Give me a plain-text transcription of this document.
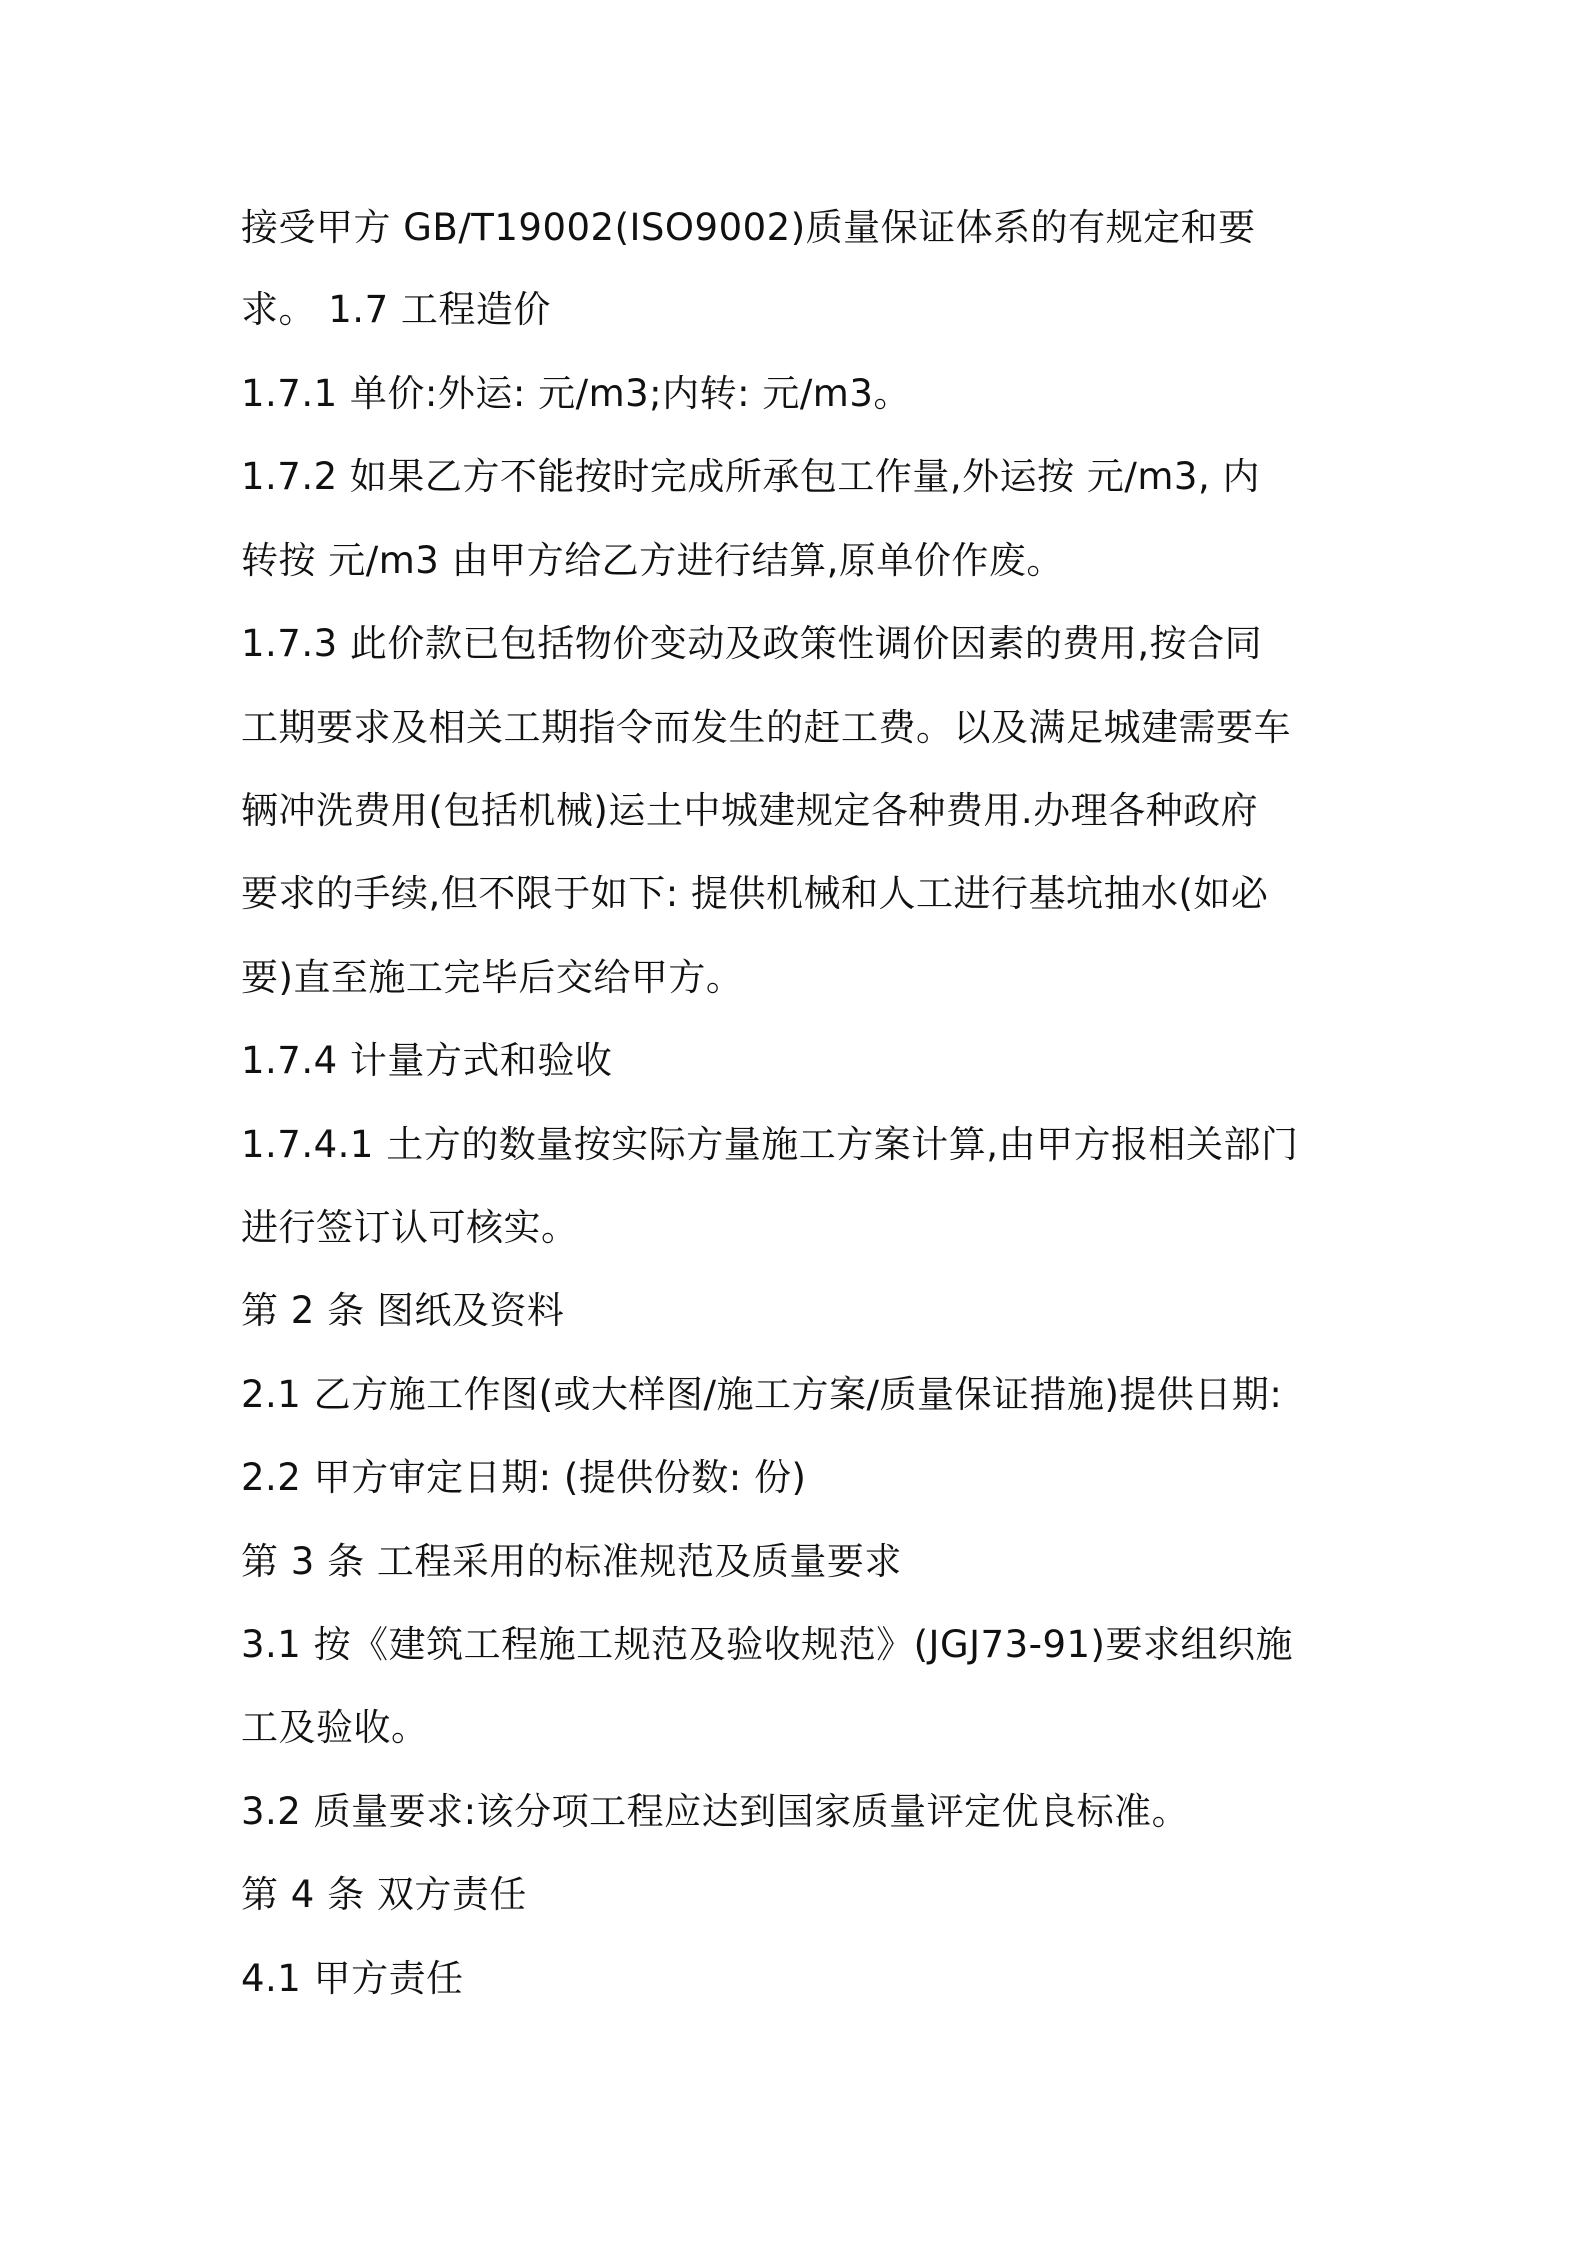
接受甲方 GB/T19002(ISO9002)质量保证体系的有规定和要

求。 1.7 工程造价

1.7.1 单价:外运: 元/m3;内转: 元/m3。

1.7.2 如果乙方不能按时完成所承包工作量,外运按 元/m3, 内

转按 元/m3 由甲方给乙方进行结算,原单价作废。

1.7.3 此价款已包括物价变动及政策性调价因素的费用,按合同

工期要求及相关工期指令而发生的赶工费。以及满足城建需要车

辆冲洗费用(包括机械)运土中城建规定各种费用.办理各种政府

要求的手续,但不限于如下: 提供机械和人工进行基坑抽水(如必

要)直至施工完毕后交给甲方。

1.7.4 计量方式和验收

1.7.4.1 土方的数量按实际方量施工方案计算,由甲方报相关部门

进行签订认可核实。

第 2 条 图纸及资料

2.1 乙方施工作图(或大样图/施工方案/质量保证措施)提供日期:

2.2 甲方审定日期: (提供份数: 份)

第 3 条 工程采用的标准规范及质量要求

3.1 按《建筑工程施工规范及验收规范》(JGJ73-91)要求组织施

工及验收。

3.2 质量要求:该分项工程应达到国家质量评定优良标准。

第 4 条 双方责任

4.1 甲方责任
